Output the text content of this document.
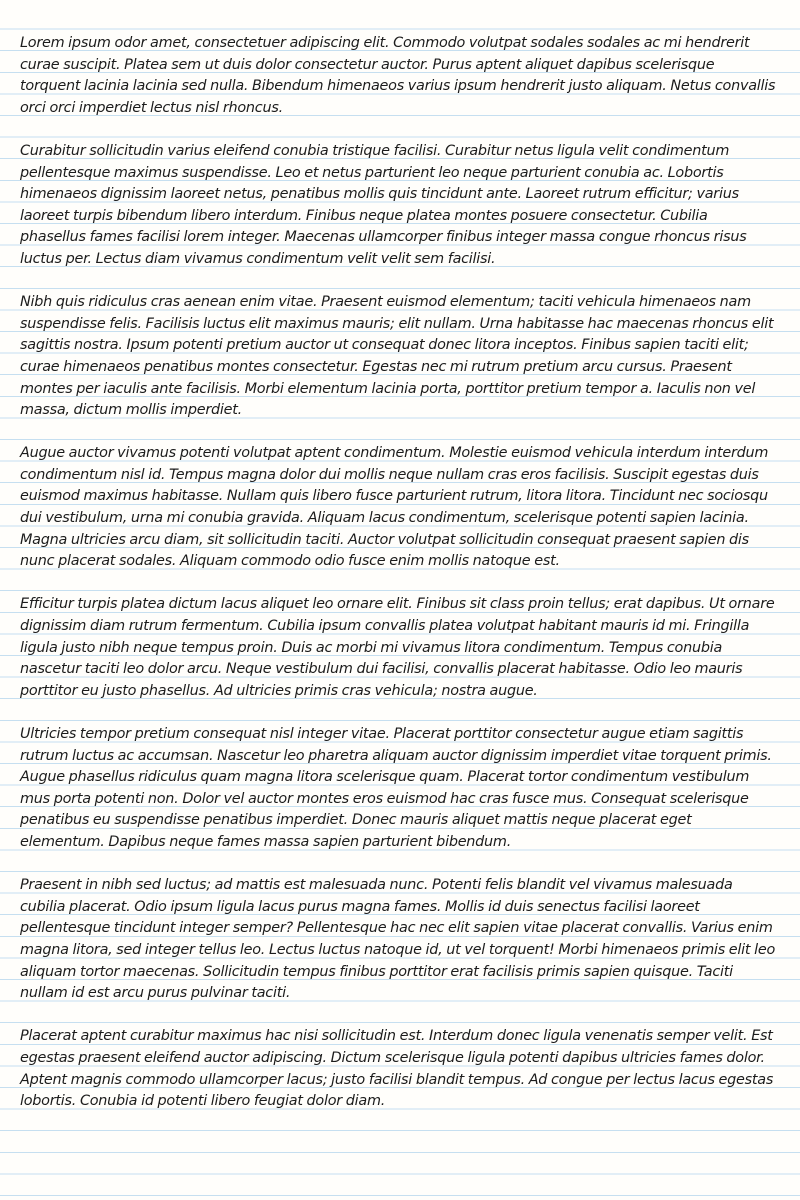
Lorem ipsum odor amet, consectetuer adipiscing elit. Commodo volutpat sodales sodales ac mi hendrerit curae suscipit. Platea sem ut duis dolor consectetur auctor. Purus aptent aliquet dapibus scelerisque torquent lacinia lacinia sed nulla. Bibendum himenaeos varius ipsum hendrerit justo aliquam. Netus convallis orci orci imperdiet lectus nisl rhoncus.

Curabitur sollicitudin varius eleifend conubia tristique facilisi. Curabitur netus ligula velit condimentum pellentesque maximus suspendisse. Leo et netus parturient leo neque parturient conubia ac. Lobortis himenaeos dignissim laoreet netus, penatibus mollis quis tincidunt ante. Laoreet rutrum efficitur; varius laoreet turpis bibendum libero interdum. Finibus neque platea montes posuere consectetur. Cubilia phasellus fames facilisi lorem integer. Maecenas ullamcorper finibus integer massa congue rhoncus risus luctus per. Lectus diam vivamus condimentum velit velit sem facilisi.

Nibh quis ridiculus cras aenean enim vitae. Praesent euismod elementum; taciti vehicula himenaeos nam suspendisse felis. Facilisis luctus elit maximus mauris; elit nullam. Urna habitasse hac maecenas rhoncus elit sagittis nostra. Ipsum potenti pretium auctor ut consequat donec litora inceptos. Finibus sapien taciti elit; curae himenaeos penatibus montes consectetur. Egestas nec mi rutrum pretium arcu cursus. Praesent montes per iaculis ante facilisis. Morbi elementum lacinia porta, porttitor pretium tempor a. Iaculis non vel massa, dictum mollis imperdiet.

Augue auctor vivamus potenti volutpat aptent condimentum. Molestie euismod vehicula interdum interdum condimentum nisl id. Tempus magna dolor dui mollis neque nullam cras eros facilisis. Suscipit egestas duis euismod maximus habitasse. Nullam quis libero fusce parturient rutrum, litora litora. Tincidunt nec sociosqu dui vestibulum, urna mi conubia gravida. Aliquam lacus condimentum, scelerisque potenti sapien lacinia. Magna ultricies arcu diam, sit sollicitudin taciti. Auctor volutpat sollicitudin consequat praesent sapien dis nunc placerat sodales. Aliquam commodo odio fusce enim mollis natoque est.

Efficitur turpis platea dictum lacus aliquet leo ornare elit. Finibus sit class proin tellus; erat dapibus. Ut ornare dignissim diam rutrum fermentum. Cubilia ipsum convallis platea volutpat habitant mauris id mi. Fringilla ligula justo nibh neque tempus proin. Duis ac morbi mi vivamus litora condimentum. Tempus conubia nascetur taciti leo dolor arcu. Neque vestibulum dui facilisi, convallis placerat habitasse. Odio leo mauris porttitor eu justo phasellus. Ad ultricies primis cras vehicula; nostra augue.

Ultricies tempor pretium consequat nisl integer vitae. Placerat porttitor consectetur augue etiam sagittis rutrum luctus ac accumsan. Nascetur leo pharetra aliquam auctor dignissim imperdiet vitae torquent primis. Augue phasellus ridiculus quam magna litora scelerisque quam. Placerat tortor condimentum vestibulum mus porta potenti non. Dolor vel auctor montes eros euismod hac cras fusce mus. Consequat scelerisque penatibus eu suspendisse penatibus imperdiet. Donec mauris aliquet mattis neque placerat eget elementum. Dapibus neque fames massa sapien parturient bibendum.

Praesent in nibh sed luctus; ad mattis est malesuada nunc. Potenti felis blandit vel vivamus malesuada cubilia placerat. Odio ipsum ligula lacus purus magna fames. Mollis id duis senectus facilisi laoreet pellentesque tincidunt integer semper? Pellentesque hac nec elit sapien vitae placerat convallis. Varius enim magna litora, sed integer tellus leo. Lectus luctus natoque id, ut vel torquent! Morbi himenaeos primis elit leo aliquam tortor maecenas. Sollicitudin tempus finibus porttitor erat facilisis primis sapien quisque. Taciti nullam id est arcu purus pulvinar taciti.

Placerat aptent curabitur maximus hac nisi sollicitudin est. Interdum donec ligula venenatis semper velit. Est egestas praesent eleifend auctor adipiscing. Dictum scelerisque ligula potenti dapibus ultricies fames dolor. Aptent magnis commodo ullamcorper lacus; justo facilisi blandit tempus. Ad congue per lectus lacus egestas lobortis. Conubia id potenti libero feugiat dolor diam.
